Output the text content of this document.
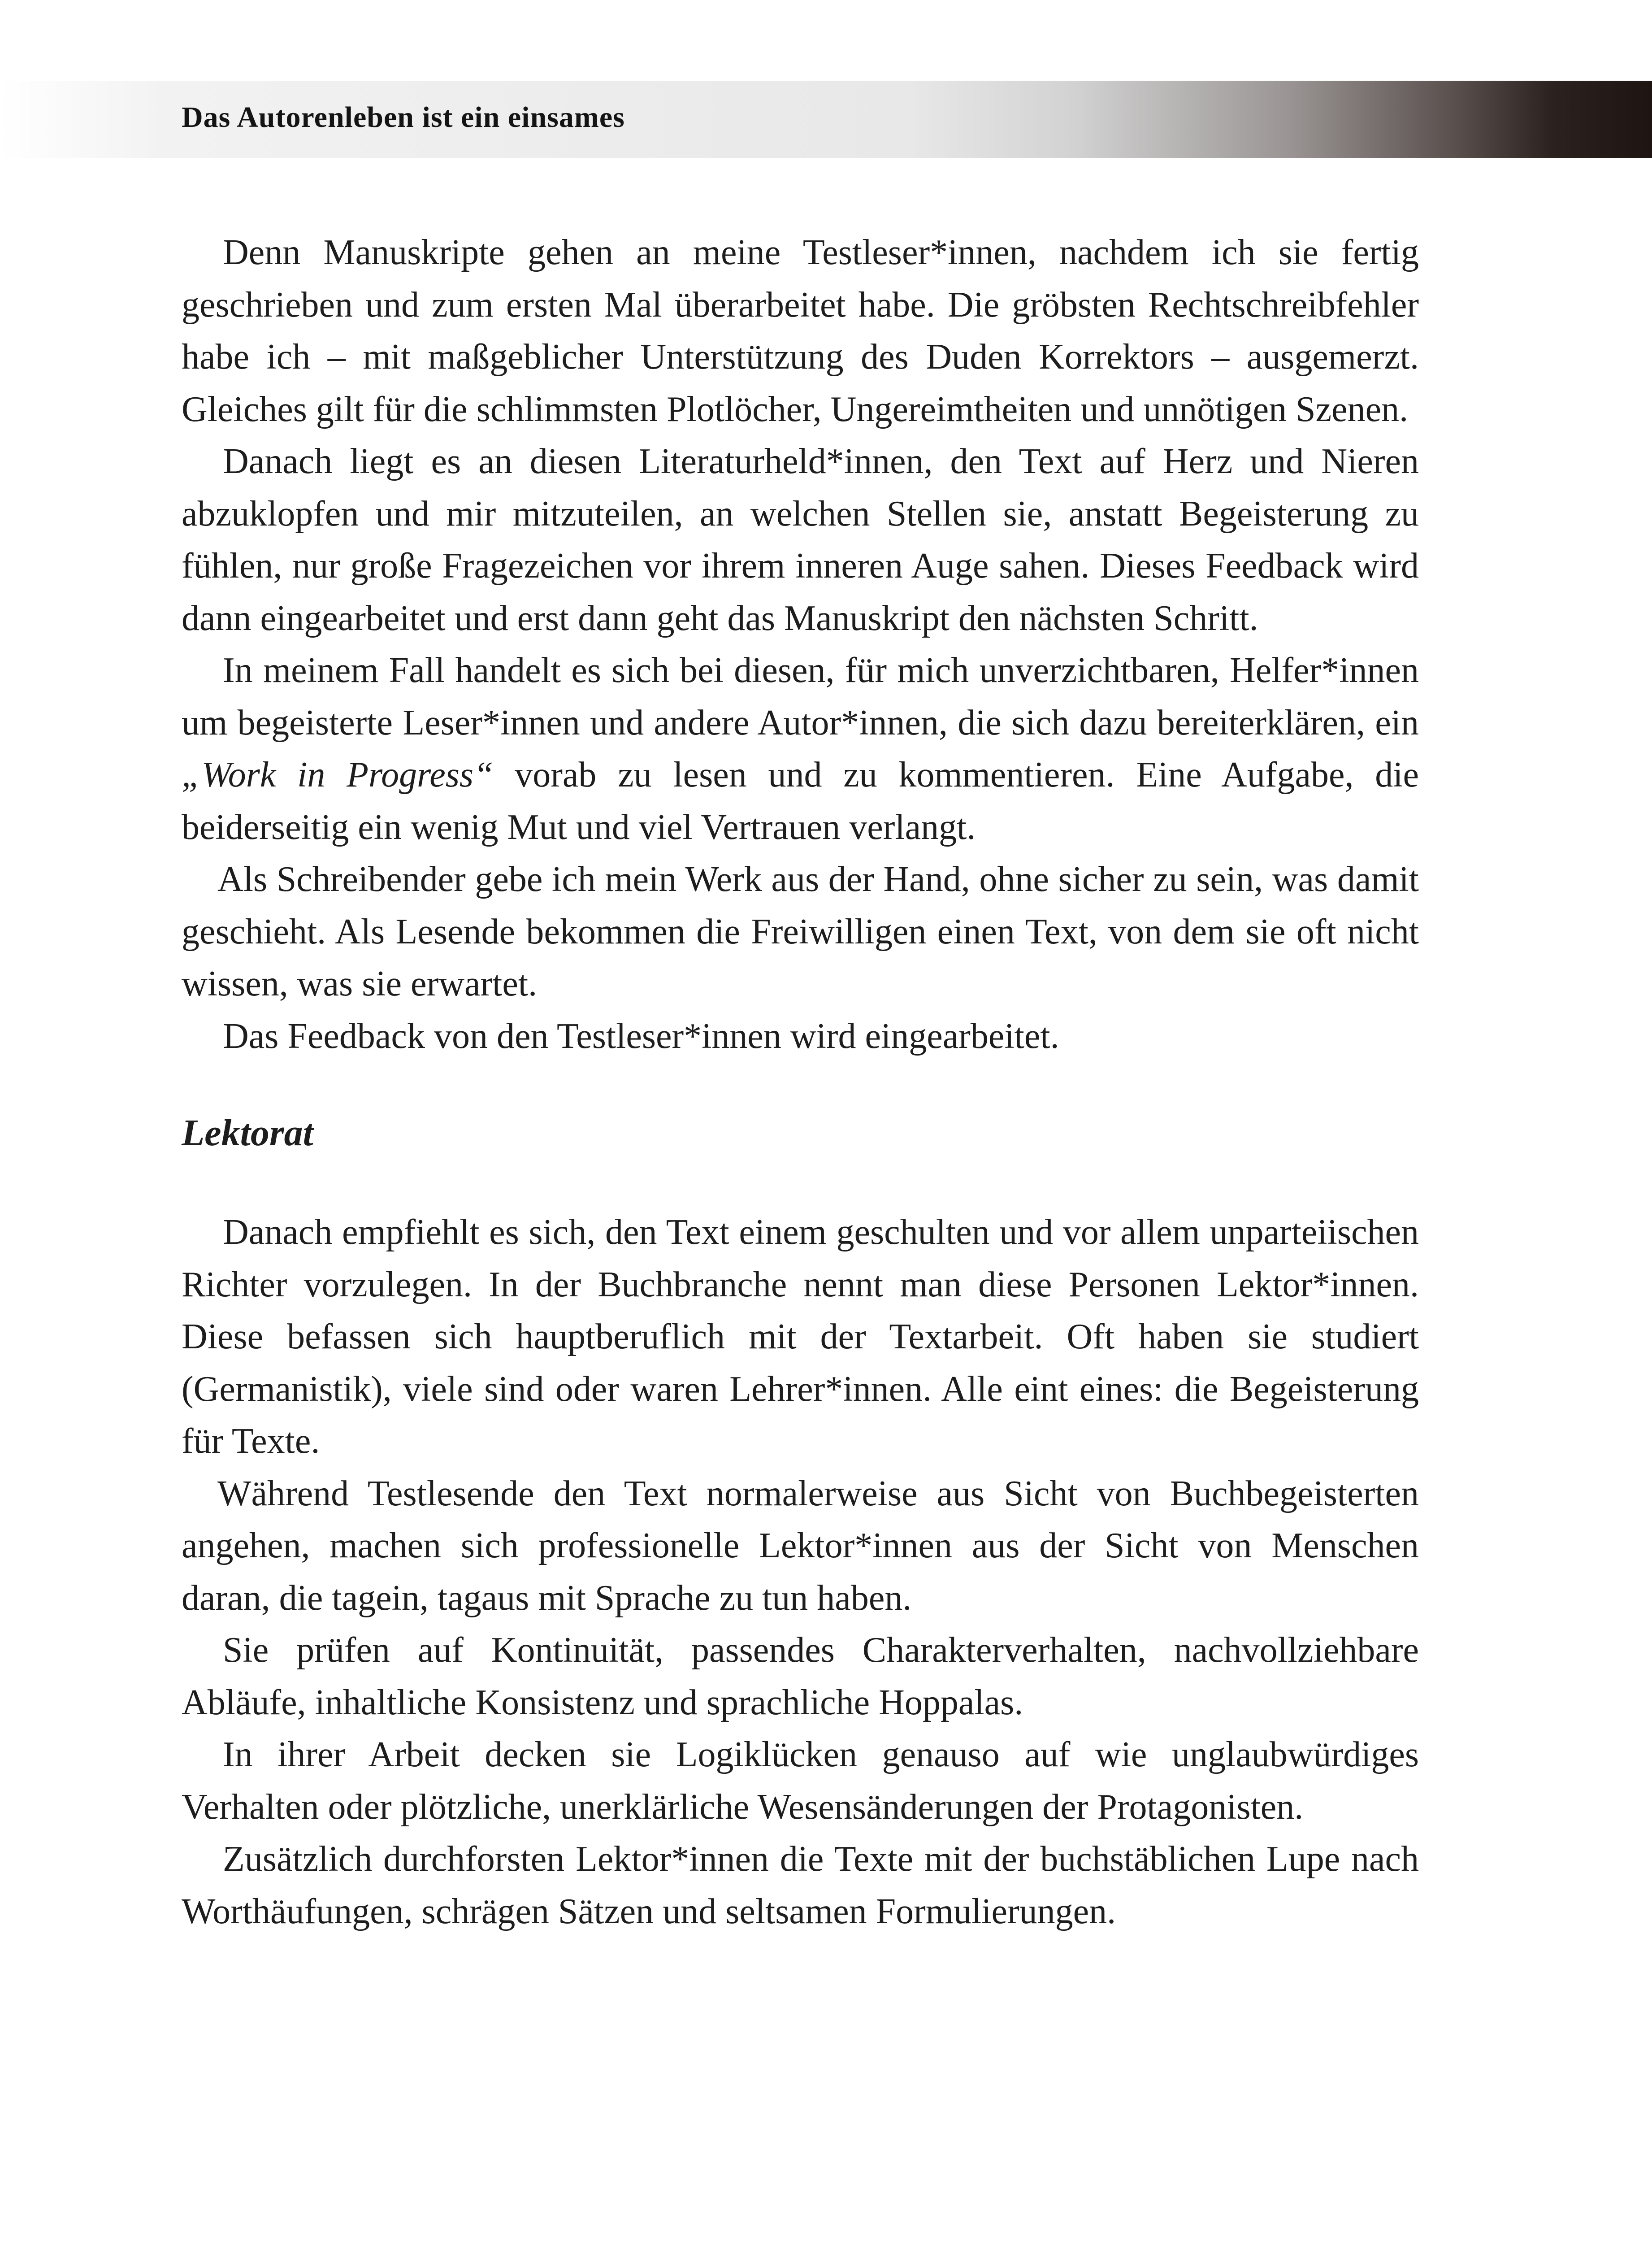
Das Autorenleben ist ein einsames

Denn Manuskripte gehen an meine Testleser*innen, nachdem ich sie fertig geschrieben und zum ersten Mal überarbeitet habe. Die gröbsten Rechtschreibfehler habe ich – mit maßgeblicher Unterstützung des Duden Korrektors – ausgemerzt. Gleiches gilt für die schlimmsten Plotlöcher, Ungereimtheiten und unnötigen Szenen.

Danach liegt es an diesen Literaturheld*innen, den Text auf Herz und Nieren abzuklopfen und mir mitzuteilen, an welchen Stellen sie, anstatt Begeisterung zu fühlen, nur große Fragezeichen vor ihrem inneren Auge sahen. Dieses Feedback wird dann eingearbeitet und erst dann geht das Manuskript den nächsten Schritt.

In meinem Fall handelt es sich bei diesen, für mich unverzichtbaren, Helfer*innen um begeisterte Leser*innen und andere Autor*innen, die sich dazu bereiterklären, ein „Work in Progress“ vorab zu lesen und zu kommentieren. Eine Aufgabe, die beiderseitig ein wenig Mut und viel Vertrauen verlangt.

Als Schreibender gebe ich mein Werk aus der Hand, ohne sicher zu sein, was damit geschieht. Als Lesende bekommen die Freiwilligen einen Text, von dem sie oft nicht wissen, was sie erwartet.

Das Feedback von den Testleser*innen wird eingearbeitet.

Lektorat

Danach empfiehlt es sich, den Text einem geschulten und vor allem unparteiischen Richter vorzulegen. In der Buchbranche nennt man diese Personen Lektor*innen. Diese befassen sich hauptberuflich mit der Textarbeit. Oft haben sie studiert (Germanistik), viele sind oder waren Lehrer*innen. Alle eint eines: die Begeisterung für Texte.

Während Testlesende den Text normalerweise aus Sicht von Buchbegeisterten angehen, machen sich professionelle Lektor*innen aus der Sicht von Menschen daran, die tagein, tagaus mit Sprache zu tun haben.

Sie prüfen auf Kontinuität, passendes Charakterverhalten, nachvollziehbare Abläufe, inhaltliche Konsistenz und sprachliche Hoppalas.

In ihrer Arbeit decken sie Logiklücken genauso auf wie unglaubwürdiges Verhalten oder plötzliche, unerklärliche Wesensänderungen der Protagonisten.

Zusätzlich durchforsten Lektor*innen die Texte mit der buchstäblichen Lupe nach Worthäufungen, schrägen Sätzen und seltsamen Formulierungen.
